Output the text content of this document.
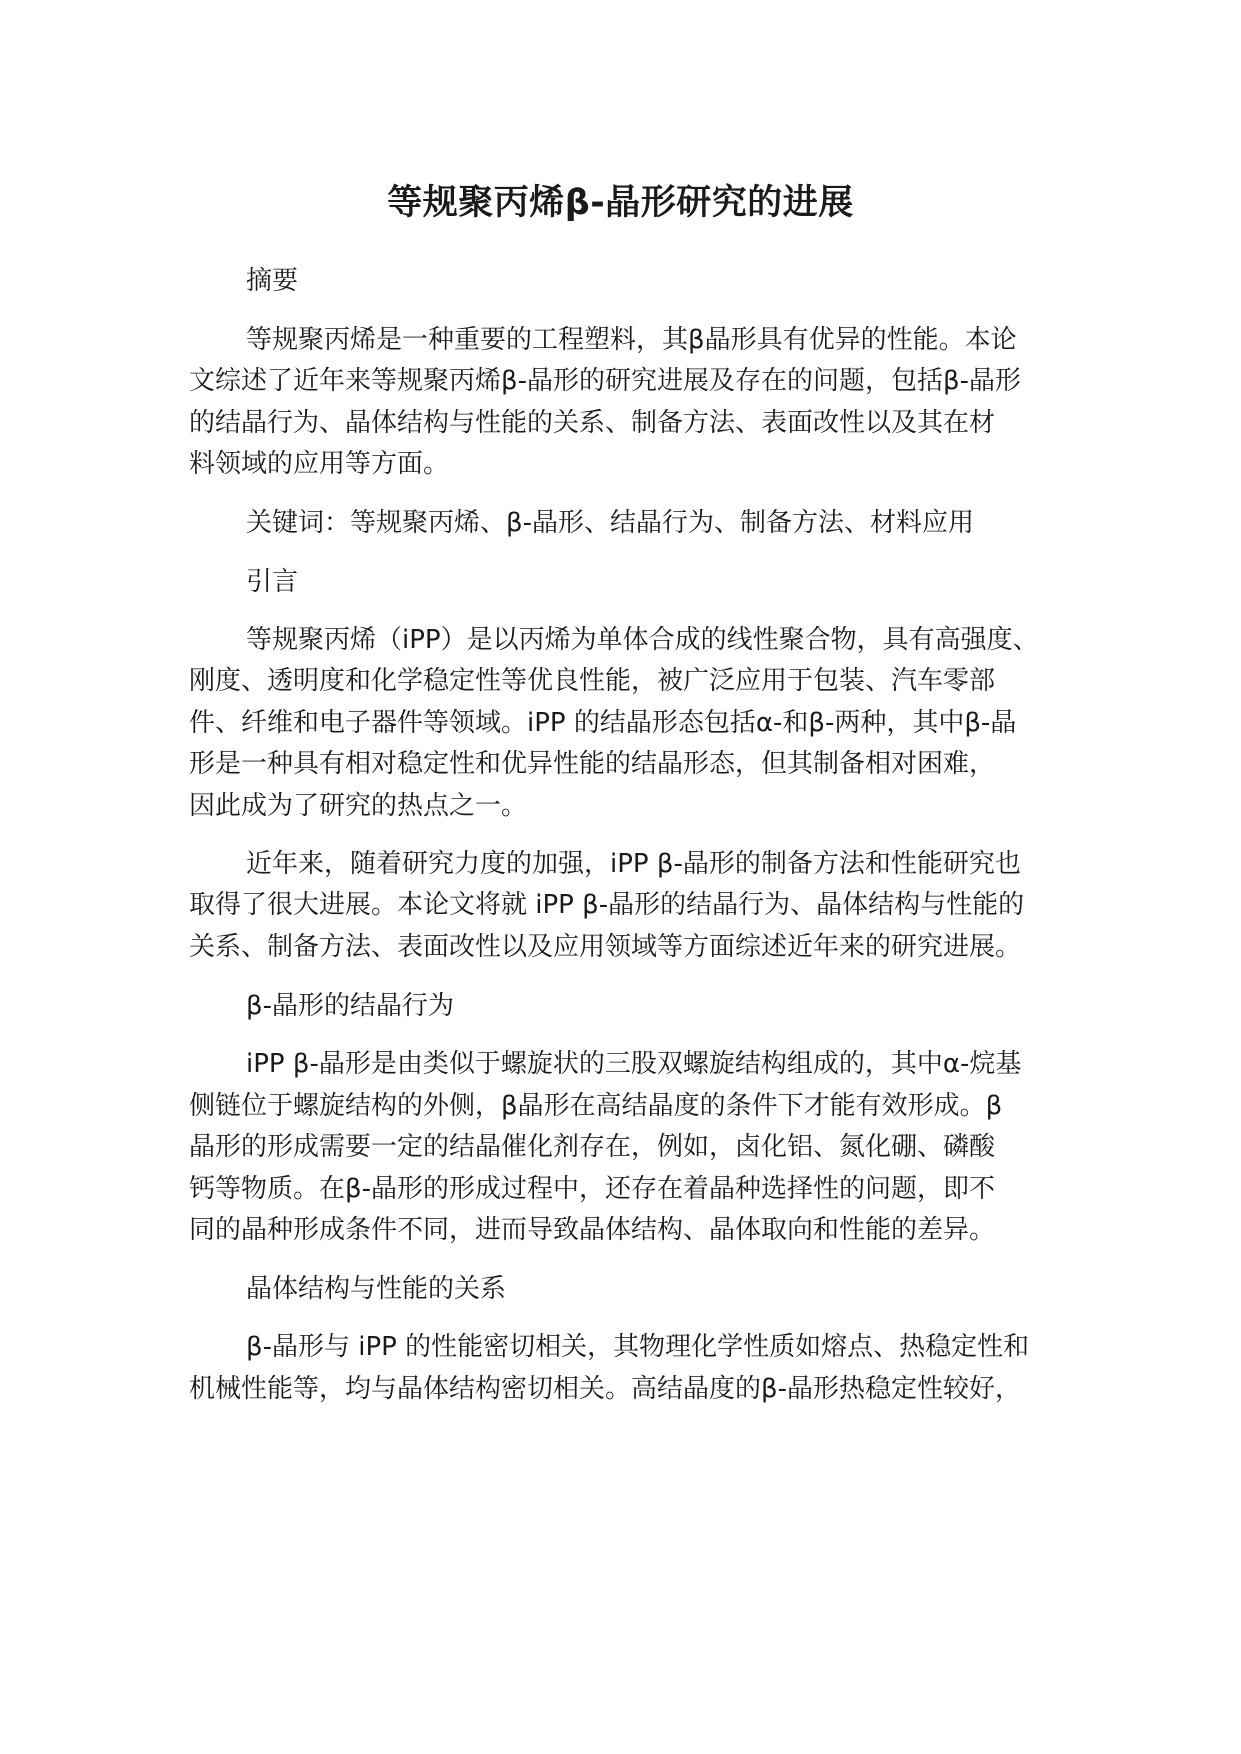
等规聚丙烯β-晶形研究的进展
摘要
等规聚丙烯是一种重要的工程塑料，其β晶形具有优异的性能。本论
文综述了近年来等规聚丙烯β-晶形的研究进展及存在的问题，包括β-晶形
的结晶行为、晶体结构与性能的关系、制备方法、表面改性以及其在材
料领域的应用等方面。
关键词：等规聚丙烯、β-晶形、结晶行为、制备方法、材料应用
引言
等规聚丙烯（iPP）是以丙烯为单体合成的线性聚合物，具有高强度、
刚度、透明度和化学稳定性等优良性能，被广泛应用于包装、汽车零部
件、纤维和电子器件等领域。iPP 的结晶形态包括α-和β-两种，其中β-晶
形是一种具有相对稳定性和优异性能的结晶形态，但其制备相对困难，
因此成为了研究的热点之一。
近年来，随着研究力度的加强，iPP β-晶形的制备方法和性能研究也
取得了很大进展。本论文将就 iPP β-晶形的结晶行为、晶体结构与性能的
关系、制备方法、表面改性以及应用领域等方面综述近年来的研究进展。
β-晶形的结晶行为
iPP β-晶形是由类似于螺旋状的三股双螺旋结构组成的，其中α-烷基
侧链位于螺旋结构的外侧，β晶形在高结晶度的条件下才能有效形成。β
晶形的形成需要一定的结晶催化剂存在，例如，卤化铝、氮化硼、磷酸
钙等物质。在β-晶形的形成过程中，还存在着晶种选择性的问题，即不
同的晶种形成条件不同，进而导致晶体结构、晶体取向和性能的差异。
晶体结构与性能的关系
β-晶形与 iPP 的性能密切相关，其物理化学性质如熔点、热稳定性和
机械性能等，均与晶体结构密切相关。高结晶度的β-晶形热稳定性较好，
